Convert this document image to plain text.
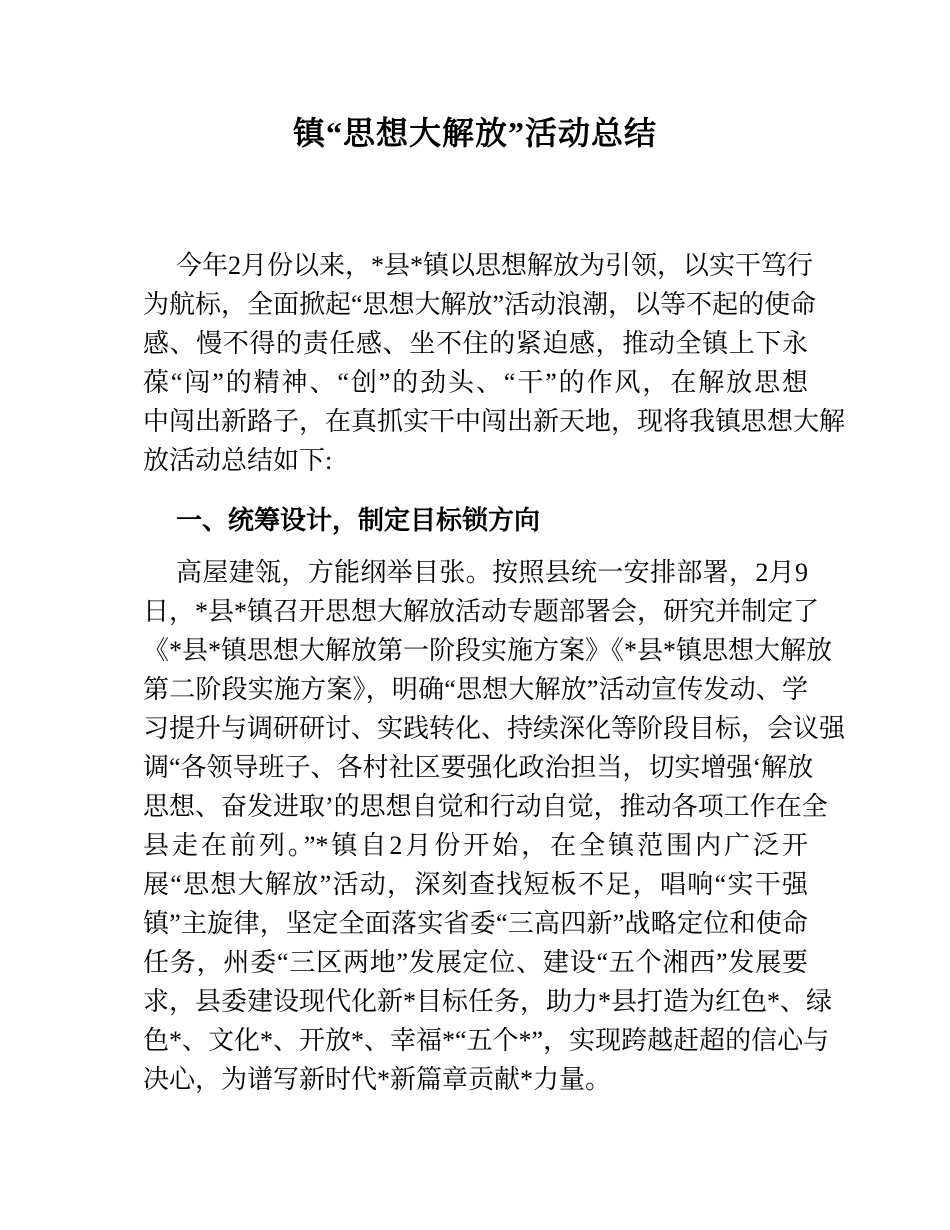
镇“思想大解放”活动总结
今年2月份以来，*县*镇以思想解放为引领，以实干笃行
为航标，全面掀起“思想大解放”活动浪潮，以等不起的使命
感、慢不得的责任感、坐不住的紧迫感，推动全镇上下永
葆“闯”的精神、“创”的劲头、“干”的作风，在解放思想
中闯出新路子，在真抓实干中闯出新天地，现将我镇思想大解
放活动总结如下:
一、统筹设计，制定目标锁方向
高屋建瓴，方能纲举目张。按照县统一安排部署，2月9
日，*县*镇召开思想大解放活动专题部署会，研究并制定了
《*县*镇思想大解放第一阶段实施方案》《*县*镇思想大解放
第二阶段实施方案》，明确“思想大解放”活动宣传发动、学
习提升与调研研讨、实践转化、持续深化等阶段目标，会议强
调“各领导班子、各村社区要强化政治担当，切实增强‘解放
思想、奋发进取’的思想自觉和行动自觉，推动各项工作在全
县走在前列。”*镇自2月份开始，在全镇范围内广泛开
展“思想大解放”活动，深刻查找短板不足，唱响“实干强
镇”主旋律，坚定全面落实省委“三高四新”战略定位和使命
任务，州委“三区两地”发展定位、建设“五个湘西”发展要
求，县委建设现代化新*目标任务，助力*县打造为红色*、绿
色*、文化*、开放*、幸福*“五个*”，实现跨越赶超的信心与
决心，为谱写新时代*新篇章贡献*力量。
